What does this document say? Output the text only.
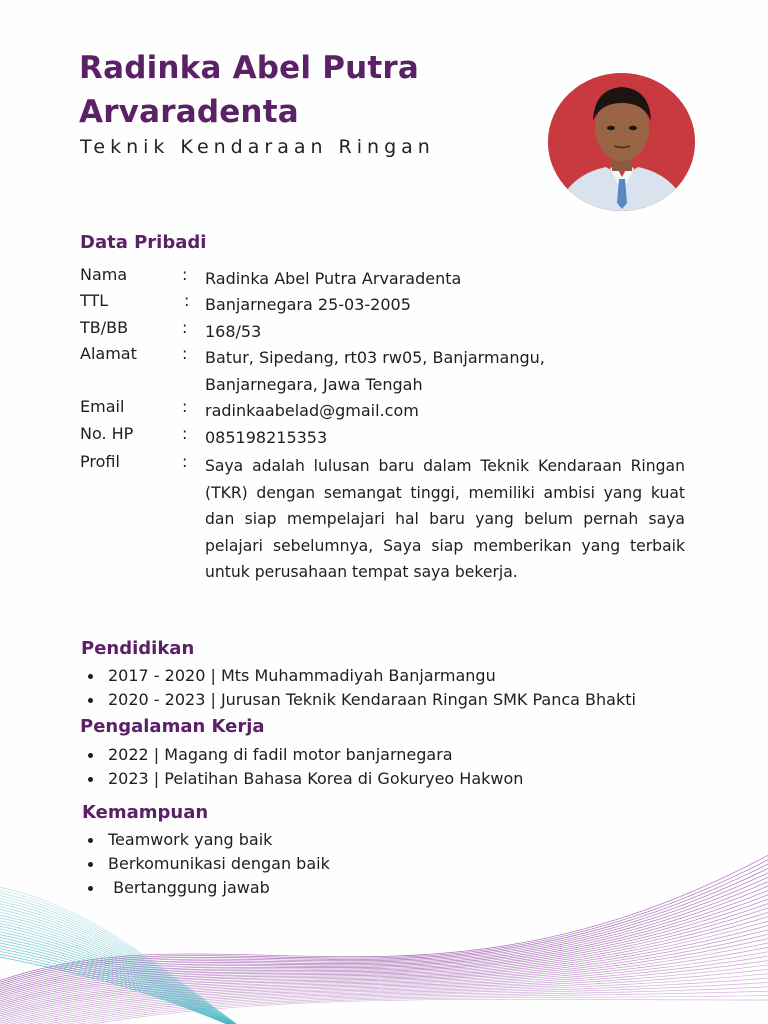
Radinka Abel Putra
Arvaradenta
Teknik Kendaraan Ringan
Data Pribadi
Nama	: Radinka Abel Putra Arvaradenta
TTL	: Banjarnegara 25-03-2005
TB/BB	: 168/53
Alamat	: Batur, Sipedang, rt03 rw05, Banjarmangu, Banjarnegara, Jawa Tengah
Email	: radinkaabelad@gmail.com
No. HP	: 085198215353
Profil	: Saya adalah lulusan baru dalam Teknik Kendaraan Ringan (TKR) dengan semangat tinggi, memiliki ambisi yang kuat dan siap mempelajari hal baru yang belum pernah saya pelajari sebelumnya, Saya siap memberikan yang terbaik untuk perusahaan tempat saya bekerja.
Pendidikan
2017 - 2020 | Mts Muhammadiyah Banjarmangu
2020 - 2023 | Jurusan Teknik Kendaraan Ringan SMK Panca Bhakti
Pengalaman Kerja
2022 | Magang di fadil motor banjarnegara
2023 | Pelatihan Bahasa Korea di Gokuryeo Hakwon
Kemampuan
Teamwork yang baik
Berkomunikasi dengan baik
Bertanggung jawab
